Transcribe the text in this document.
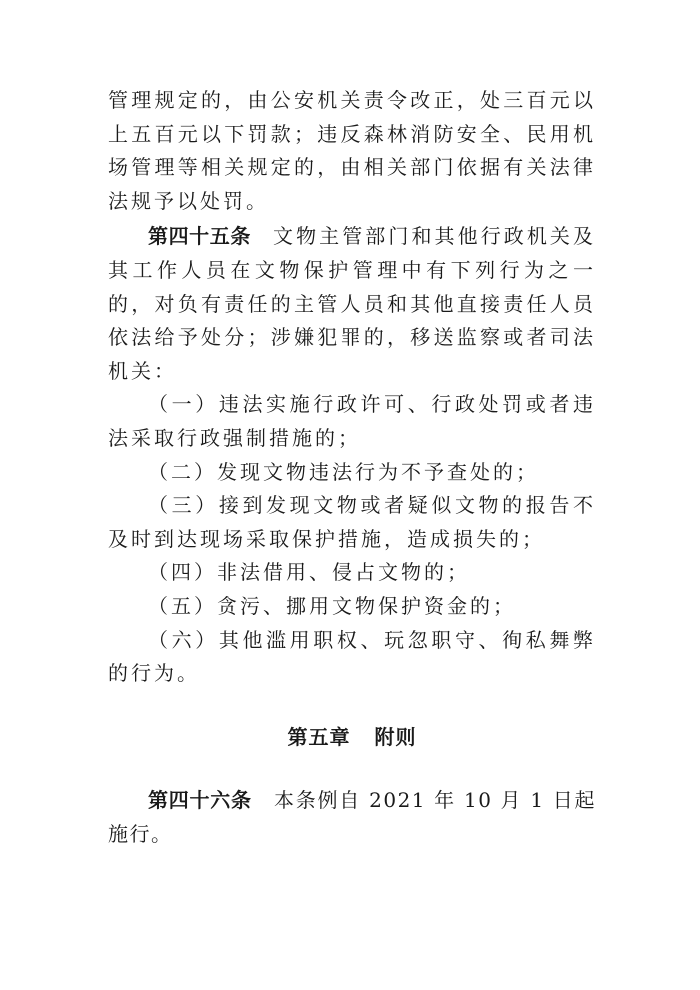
管理规定的，由公安机关责令改正，处三百元以上五百元以下罚款；违反森林消防安全、民用机场管理等相关规定的，由相关部门依据有关法律法规予以处罚。

第四十五条 文物主管部门和其他行政机关及其工作人员在文物保护管理中有下列行为之一的，对负有责任的主管人员和其他直接责任人员依法给予处分；涉嫌犯罪的，移送监察或者司法机关：

（一）违法实施行政许可、行政处罚或者违法采取行政强制措施的；

（二）发现文物违法行为不予查处的；

（三）接到发现文物或者疑似文物的报告不及时到达现场采取保护措施，造成损失的；

（四）非法借用、侵占文物的；

（五）贪污、挪用文物保护资金的；

（六）其他滥用职权、玩忽职守、徇私舞弊的行为。

第五章 附则

第四十六条 本条例自 2021 年 10 月 1 日起施行。
